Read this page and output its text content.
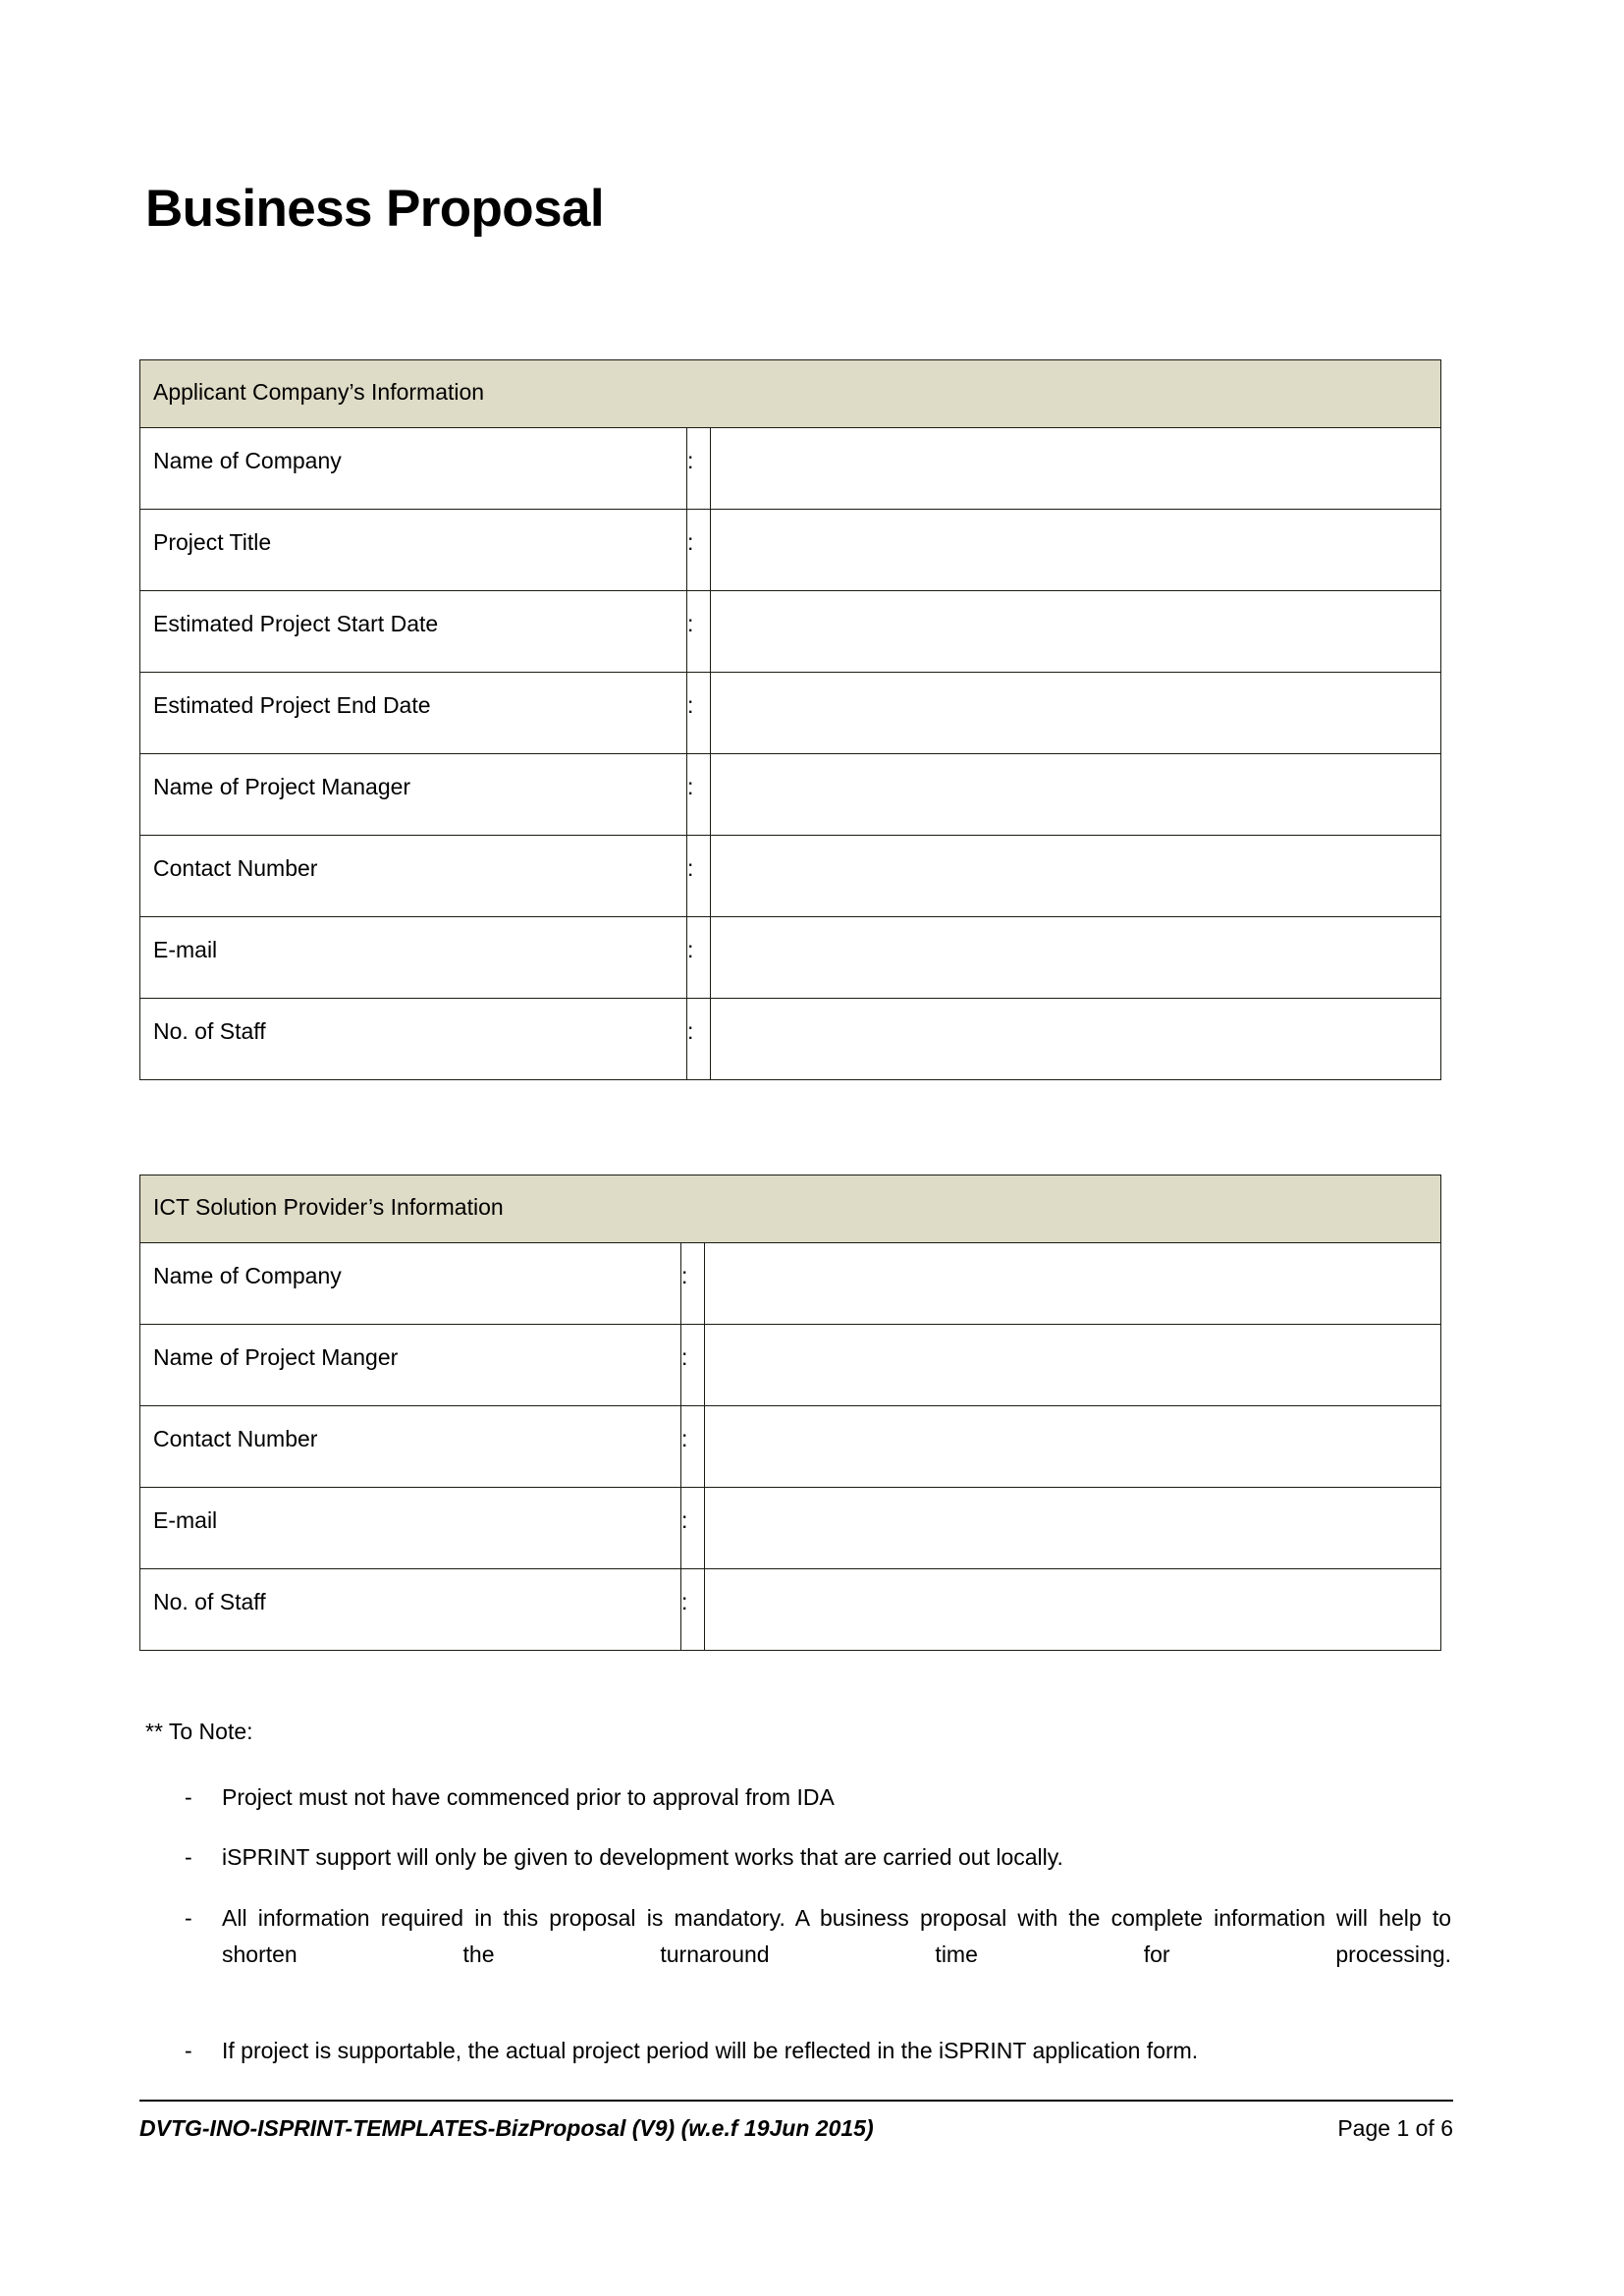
Business Proposal
Applicant Company’s Information		

Name of Company	:	

Project Title	:	

Estimated Project Start Date	:	

Estimated Project End Date	:	

Name of Project Manager	:	

Contact Number	:	

E-mail	:	

No. of Staff	:	

ICT Solution Provider’s Information		

Name of Company	:	

Name of Project Manger	:	

Contact Number	:	

E-mail	:	

No. of Staff	:	

** To Note:
- Project must not have commenced prior to approval from IDA
- iSPRINT support will only be given to development works that are carried out locally.
- All information required in this proposal is mandatory. A business proposal with the complete information will help to shorten the turnaround time for processing.
- If project is supportable, the actual project period will be reflected in the iSPRINT application form.
DVTG-INO-ISPRINT-TEMPLATES-BizProposal (V9) (w.e.f 19Jun 2015)	Page 1 of 6
